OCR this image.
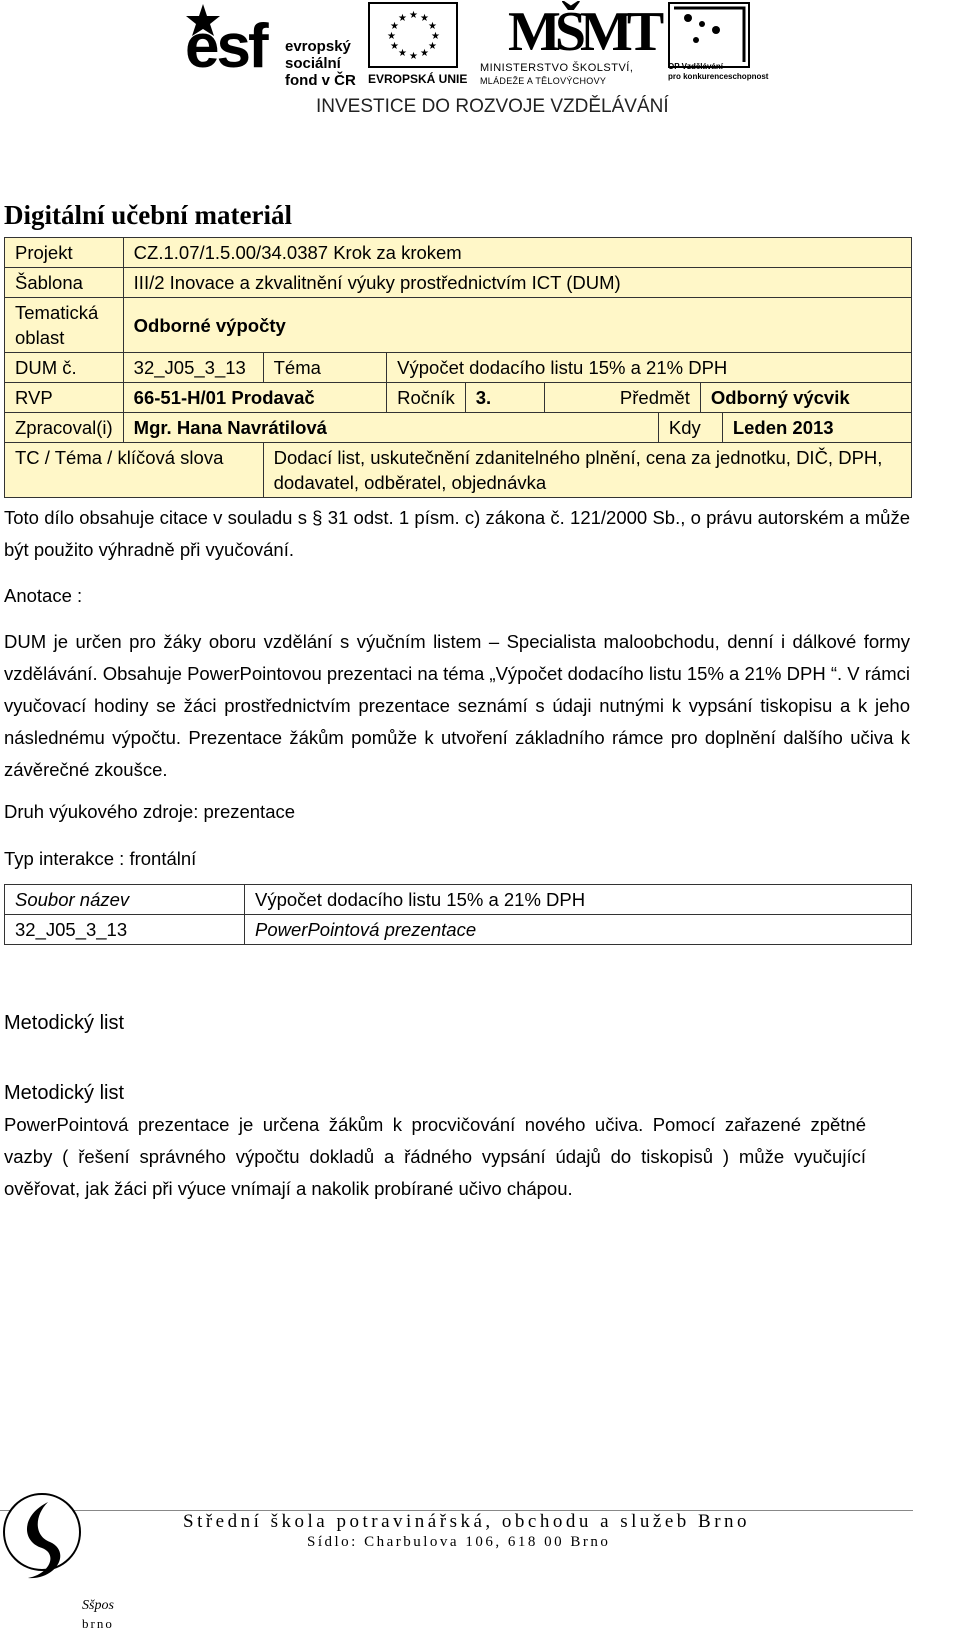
esf evropský
sociální
fond v ČR
★ ★
★
★
★
★
★
★
★
★
★
★
EVROPSKÁ UNIE
MŠMT
MINISTERSTVO ŠKOLSTVÍ,
MLÁDEŽE A TĚLOVÝCHOVY
OP Vzdělávání
pro konkurenceschopnost
INVESTICE DO ROZVOJE VZDĚLÁVÁNÍ
Digitální učební materiál
Projekt	CZ.1.07/1.5.00/34.0387 Krok za krokem							
Šablona	III/2 Inovace a zkvalitnění výuky prostřednictvím ICT (DUM)							
Tematická oblast	Odborné výpočty							
DUM č.	32_J05_3_13	Téma	Výpočet dodacího listu 15% a 21% DPH					
RVP	66-51-H/01 Prodavač		Ročník	3.	Předmět		Odborný výcvik	
Zpracoval(i)	Mgr. Hana Navrátilová					Kdy		Leden 2013
TC / Téma / klíčová slova		Dodací list, uskutečnění zdanitelného plnění, cena za jednotku, DIČ, DPH, dodavatel, odběratel, objednávka						
Toto dílo obsahuje citace v souladu s § 31 odst. 1 písm. c) zákona č. 121/2000 Sb., o právu autorském a může být použito výhradně při vyučování.
Anotace :
DUM je určen pro žáky oboru vzdělání s výučním listem – Specialista maloobchodu, denní i dálkové formy vzdělávání. Obsahuje PowerPointovou prezentaci na téma „Výpočet dodacího listu 15% a 21% DPH “. V rámci vyučovací hodiny se žáci prostřednictvím prezentace seznámí s údaji nutnými k vypsání tiskopisu a k jeho následnému výpočtu. Prezentace žákům pomůže k utvoření základního rámce pro doplnění dalšího učiva k závěrečné zkoušce.
Druh výukového zdroje: prezentace
Typ interakce : frontální
Soubor název	Výpočet dodacího listu 15% a 21% DPH
32_J05_3_13	PowerPointová prezentace
Metodický list
Metodický list
PowerPointová prezentace je určena žákům k procvičování nového učiva. Pomocí zařazené zpětné vazby ( řešení správného výpočtu dokladů a řádného vypsání údajů do tiskopisů ) může vyučující ověřovat, jak žáci při výuce vnímají a nakolik probírané učivo chápou.
Sšpos
brno
Střední škola potravinářská, obchodu a služeb Brno
Sídlo: Charbulova 106, 618 00 Brno
